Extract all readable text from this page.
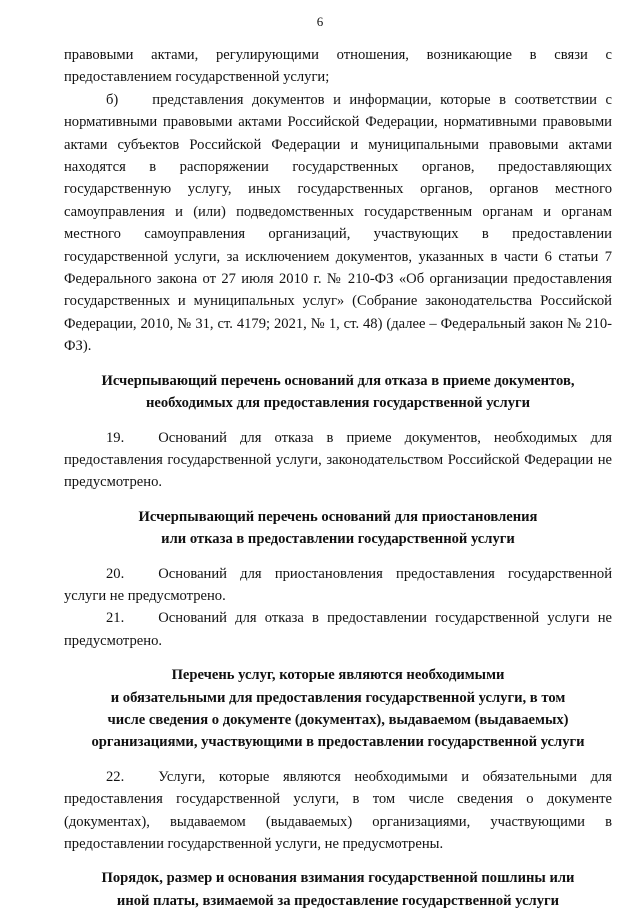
6

правовыми актами, регулирующими отношения, возникающие в связи с предоставлением государственной услуги;

б) представления документов и информации, которые в соответствии с нормативными правовыми актами Российской Федерации, нормативными правовыми актами субъектов Российской Федерации и муниципальными правовыми актами находятся в распоряжении государственных органов, предоставляющих государственную услугу, иных государственных органов, органов местного самоуправления и (или) подведомственных государственным органам и органам местного самоуправления организаций, участвующих в предоставлении государственной услуги, за исключением документов, указанных в части 6 статьи 7 Федерального закона от 27 июля 2010 г. № 210-ФЗ «Об организации предоставления государственных и муниципальных услуг» (Собрание законодательства Российской Федерации, 2010, № 31, ст. 4179; 2021, № 1, ст. 48) (далее – Федеральный закон № 210-ФЗ).

Исчерпывающий перечень оснований для отказа в приеме документов,
необходимых для предоставления государственной услуги

19. Оснований для отказа в приеме документов, необходимых для предоставления государственной услуги, законодательством Российской Федерации не предусмотрено.

Исчерпывающий перечень оснований для приостановления
или отказа в предоставлении государственной услуги

20. Оснований для приостановления предоставления государственной услуги не предусмотрено.

21. Оснований для отказа в предоставлении государственной услуги не предусмотрено.

Перечень услуг, которые являются необходимыми
и обязательными для предоставления государственной услуги, в том
числе сведения о документе (документах), выдаваемом (выдаваемых)
организациями, участвующими в предоставлении государственной услуги

22. Услуги, которые являются необходимыми и обязательными для предоставления государственной услуги, в том числе сведения о документе (документах), выдаваемом (выдаваемых) организациями, участвующими в предоставлении государственной услуги, не предусмотрены.

Порядок, размер и основания взимания государственной пошлины или
иной платы, взимаемой за предоставление государственной услуги
